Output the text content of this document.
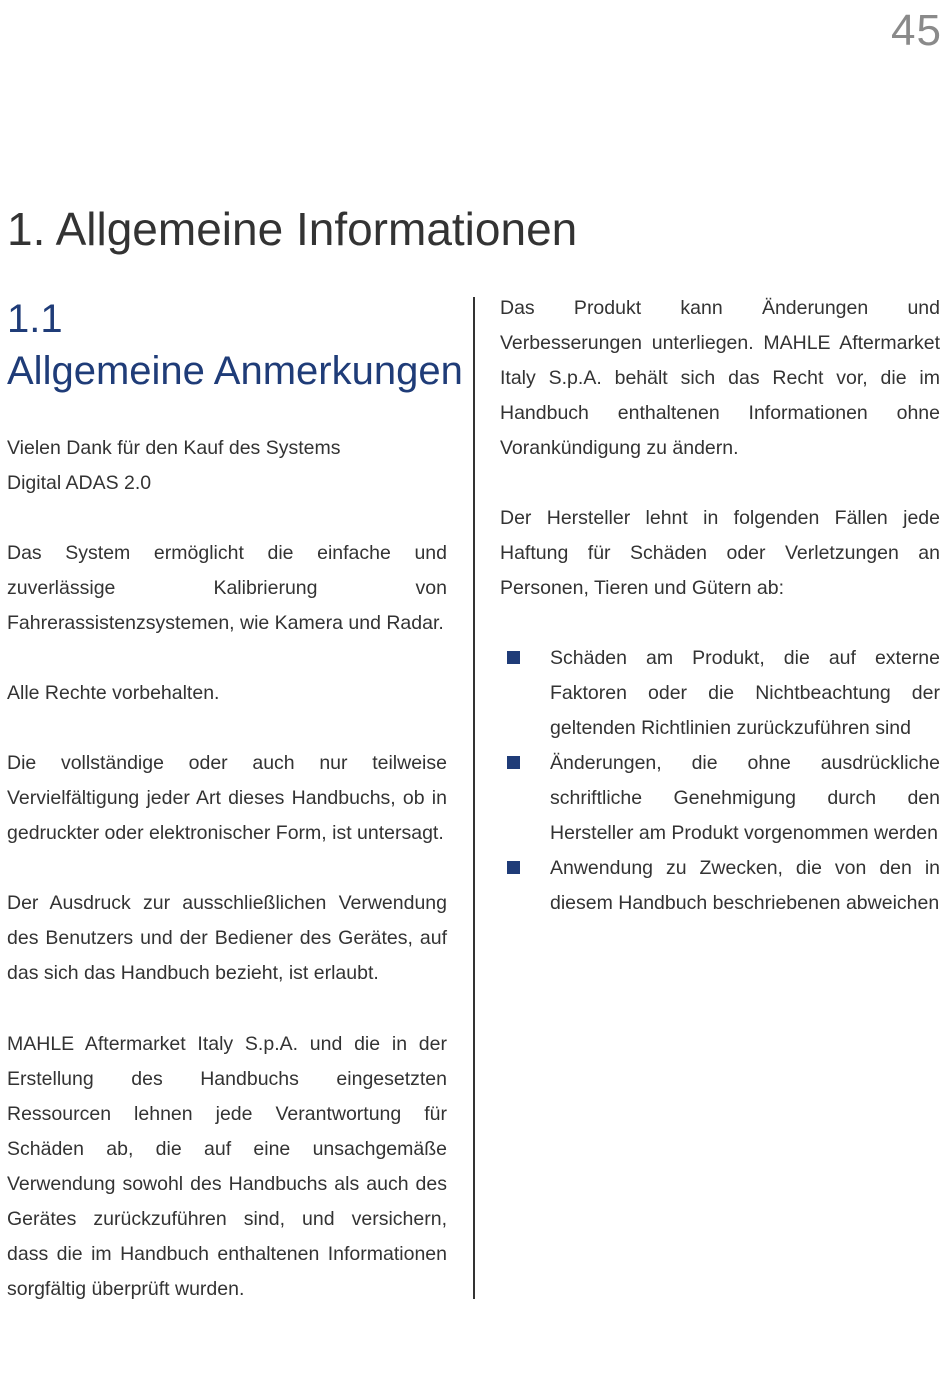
45
1. Allgemeine Informationen
1.1
Allgemeine Anmerkungen

Vielen Dank für den Kauf des Systems

Digital ADAS 2.0

Das System ermöglicht die einfache und zuverlässige Kalibrierung von Fahrerassistenzsystemen, wie Kamera und Radar.

Alle Rechte vorbehalten.

Die vollständige oder auch nur teilweise Vervielfältigung jeder Art dieses Handbuchs, ob in gedruckter oder elektronischer Form, ist untersagt.

Der Ausdruck zur ausschließlichen Verwendung des Benutzers und der Bediener des Gerätes, auf das sich das Handbuch bezieht, ist erlaubt.

MAHLE Aftermarket Italy S.p.A. und die in der Erstellung des Handbuchs eingesetzten Ressourcen lehnen jede Verantwortung für Schäden ab, die auf eine unsachgemäße Verwendung sowohl des Handbuchs als auch des Gerätes zurückzuführen sind, und versichern, dass die im Handbuch enthaltenen Informationen sorgfältig überprüft wurden.

Das Produkt kann Änderungen und Verbesserungen unterliegen. MAHLE Aftermarket Italy S.p.A. behält sich das Recht vor, die im Handbuch enthaltenen Informationen ohne Vorankündigung zu ändern.

Der Hersteller lehnt in folgenden Fällen jede Haftung für Schäden oder Verletzungen an Personen, Tieren und Gütern ab:

Schäden am Produkt, die auf externe Faktoren oder die Nichtbeachtung der geltenden Richtlinien zurückzuführen sind

Änderungen, die ohne ausdrückliche schriftliche Genehmigung durch den Hersteller am Produkt vorgenommen werden

Anwendung zu Zwecken, die von den in diesem Handbuch beschriebenen abweichen
